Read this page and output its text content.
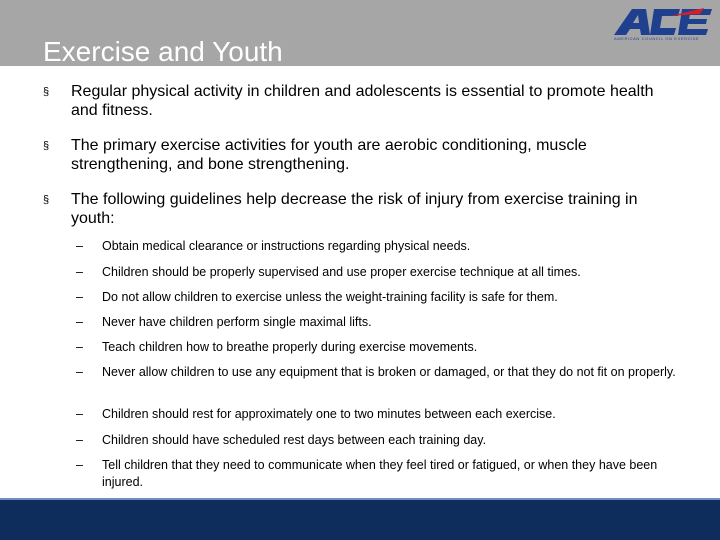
Exercise and Youth	AMERICAN COUNCIL ON EXERCISE
§ Regular physical activity in children and adolescents is essential to promote health and fitness.
§ The primary exercise activities for youth are aerobic conditioning, muscle strengthening, and bone strengthening.
§ The following guidelines help decrease the risk of injury from exercise training in youth:
– Obtain medical clearance or instructions regarding physical needs.
– Children should be properly supervised and use proper exercise technique at all times.
– Do not allow children to exercise unless the weight-training facility is safe for them.
– Never have children perform single maximal lifts.
– Teach children how to breathe properly during exercise movements.
– Never allow children to use any equipment that is broken or damaged, or that they do not fit on properly.
– Children should rest for approximately one to two minutes between each exercise.
– Children should have scheduled rest days between each training day.
– Tell children that they need to communicate when they feel tired or fatigued, or when they have been injured.
